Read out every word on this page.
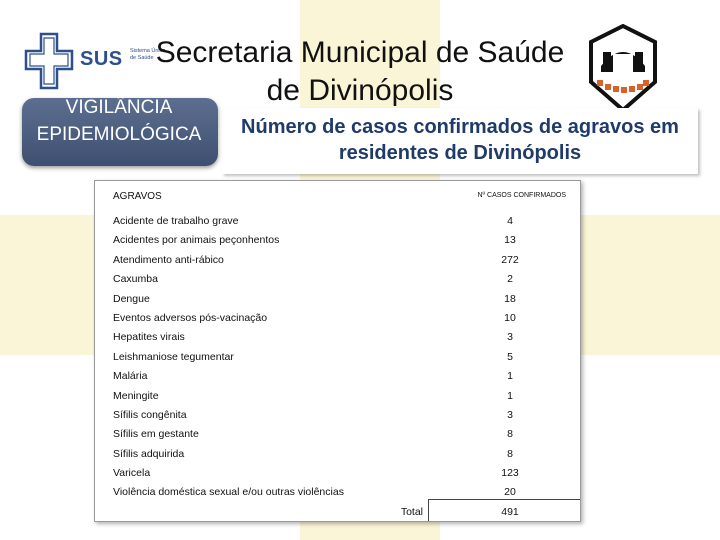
SUS Sistema Único de Saúde Secretaria Municipal de Saúde de Divinópolis

VIGILÂNCIA EPIDEMIOLÓGICA	Número de casos confirmados de agravos em residentes de Divinópolis

AGRAVOS	Nº CASOS CONFIRMADOS
Acidente de trabalho grave	4
Acidentes por animais peçonhentos	13
Atendimento anti-rábico	272
Caxumba	2
Dengue	18
Eventos adversos pós-vacinação	10
Hepatites virais	3
Leishmaniose tegumentar	5
Malária	1
Meningite	1
Sífilis congênita	3
Sífilis em gestante	8
Sífilis adquirida	8
Varicela	123
Violência doméstica sexual e/ou outras violências	20
Total	491
